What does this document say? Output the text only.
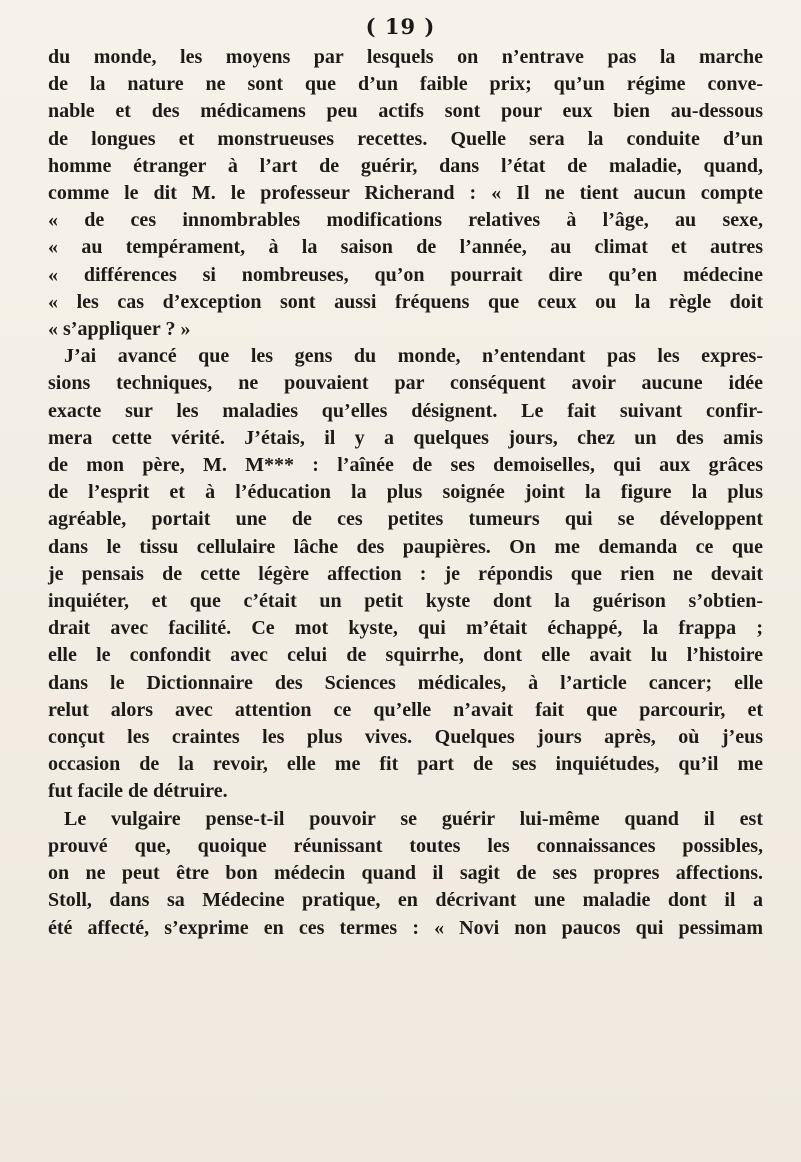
( 19 )
du monde, les moyens par lesquels on n’entrave pas la marche
de la nature ne sont que d’un faible prix; qu’un régime conve-
nable et des médicamens peu actifs sont pour eux bien au-dessous
de longues et monstrueuses recettes. Quelle sera la conduite d’un
homme étranger à l’art de guérir, dans l’état de maladie, quand,
comme le dit M. le professeur Richerand : « Il ne tient aucun compte
« de ces innombrables modifications relatives à l’âge, au sexe,
« au tempérament, à la saison de l’année, au climat et autres
« différences si nombreuses, qu’on pourrait dire qu’en médecine
« les cas d’exception sont aussi fréquens que ceux ou la règle doit
« s’appliquer ? »
J’ai avancé que les gens du monde, n’entendant pas les expres-
sions techniques, ne pouvaient par conséquent avoir aucune idée
exacte sur les maladies qu’elles désignent. Le fait suivant confir-
mera cette vérité. J’étais, il y a quelques jours, chez un des amis
de mon père, M. M*** : l’aînée de ses demoiselles, qui aux grâces
de l’esprit et à l’éducation la plus soignée joint la figure la plus
agréable, portait une de ces petites tumeurs qui se développent
dans le tissu cellulaire lâche des paupières. On me demanda ce que
je pensais de cette légère affection : je répondis que rien ne devait
inquiéter, et que c’était un petit kyste dont la guérison s’obtien-
drait avec facilité. Ce mot kyste, qui m’était échappé, la frappa ;
elle le confondit avec celui de squirrhe, dont elle avait lu l’histoire
dans le Dictionnaire des Sciences médicales, à l’article cancer; elle
relut alors avec attention ce qu’elle n’avait fait que parcourir, et
conçut les craintes les plus vives. Quelques jours après, où j’eus
occasion de la revoir, elle me fit part de ses inquiétudes, qu’il me
fut facile de détruire.
Le vulgaire pense-t-il pouvoir se guérir lui-même quand il est
prouvé que, quoique réunissant toutes les connaissances possibles,
on ne peut être bon médecin quand il sagit de ses propres affections.
Stoll, dans sa Médecine pratique, en décrivant une maladie dont il a
été affecté, s’exprime en ces termes : « Novi non paucos qui pessimam
